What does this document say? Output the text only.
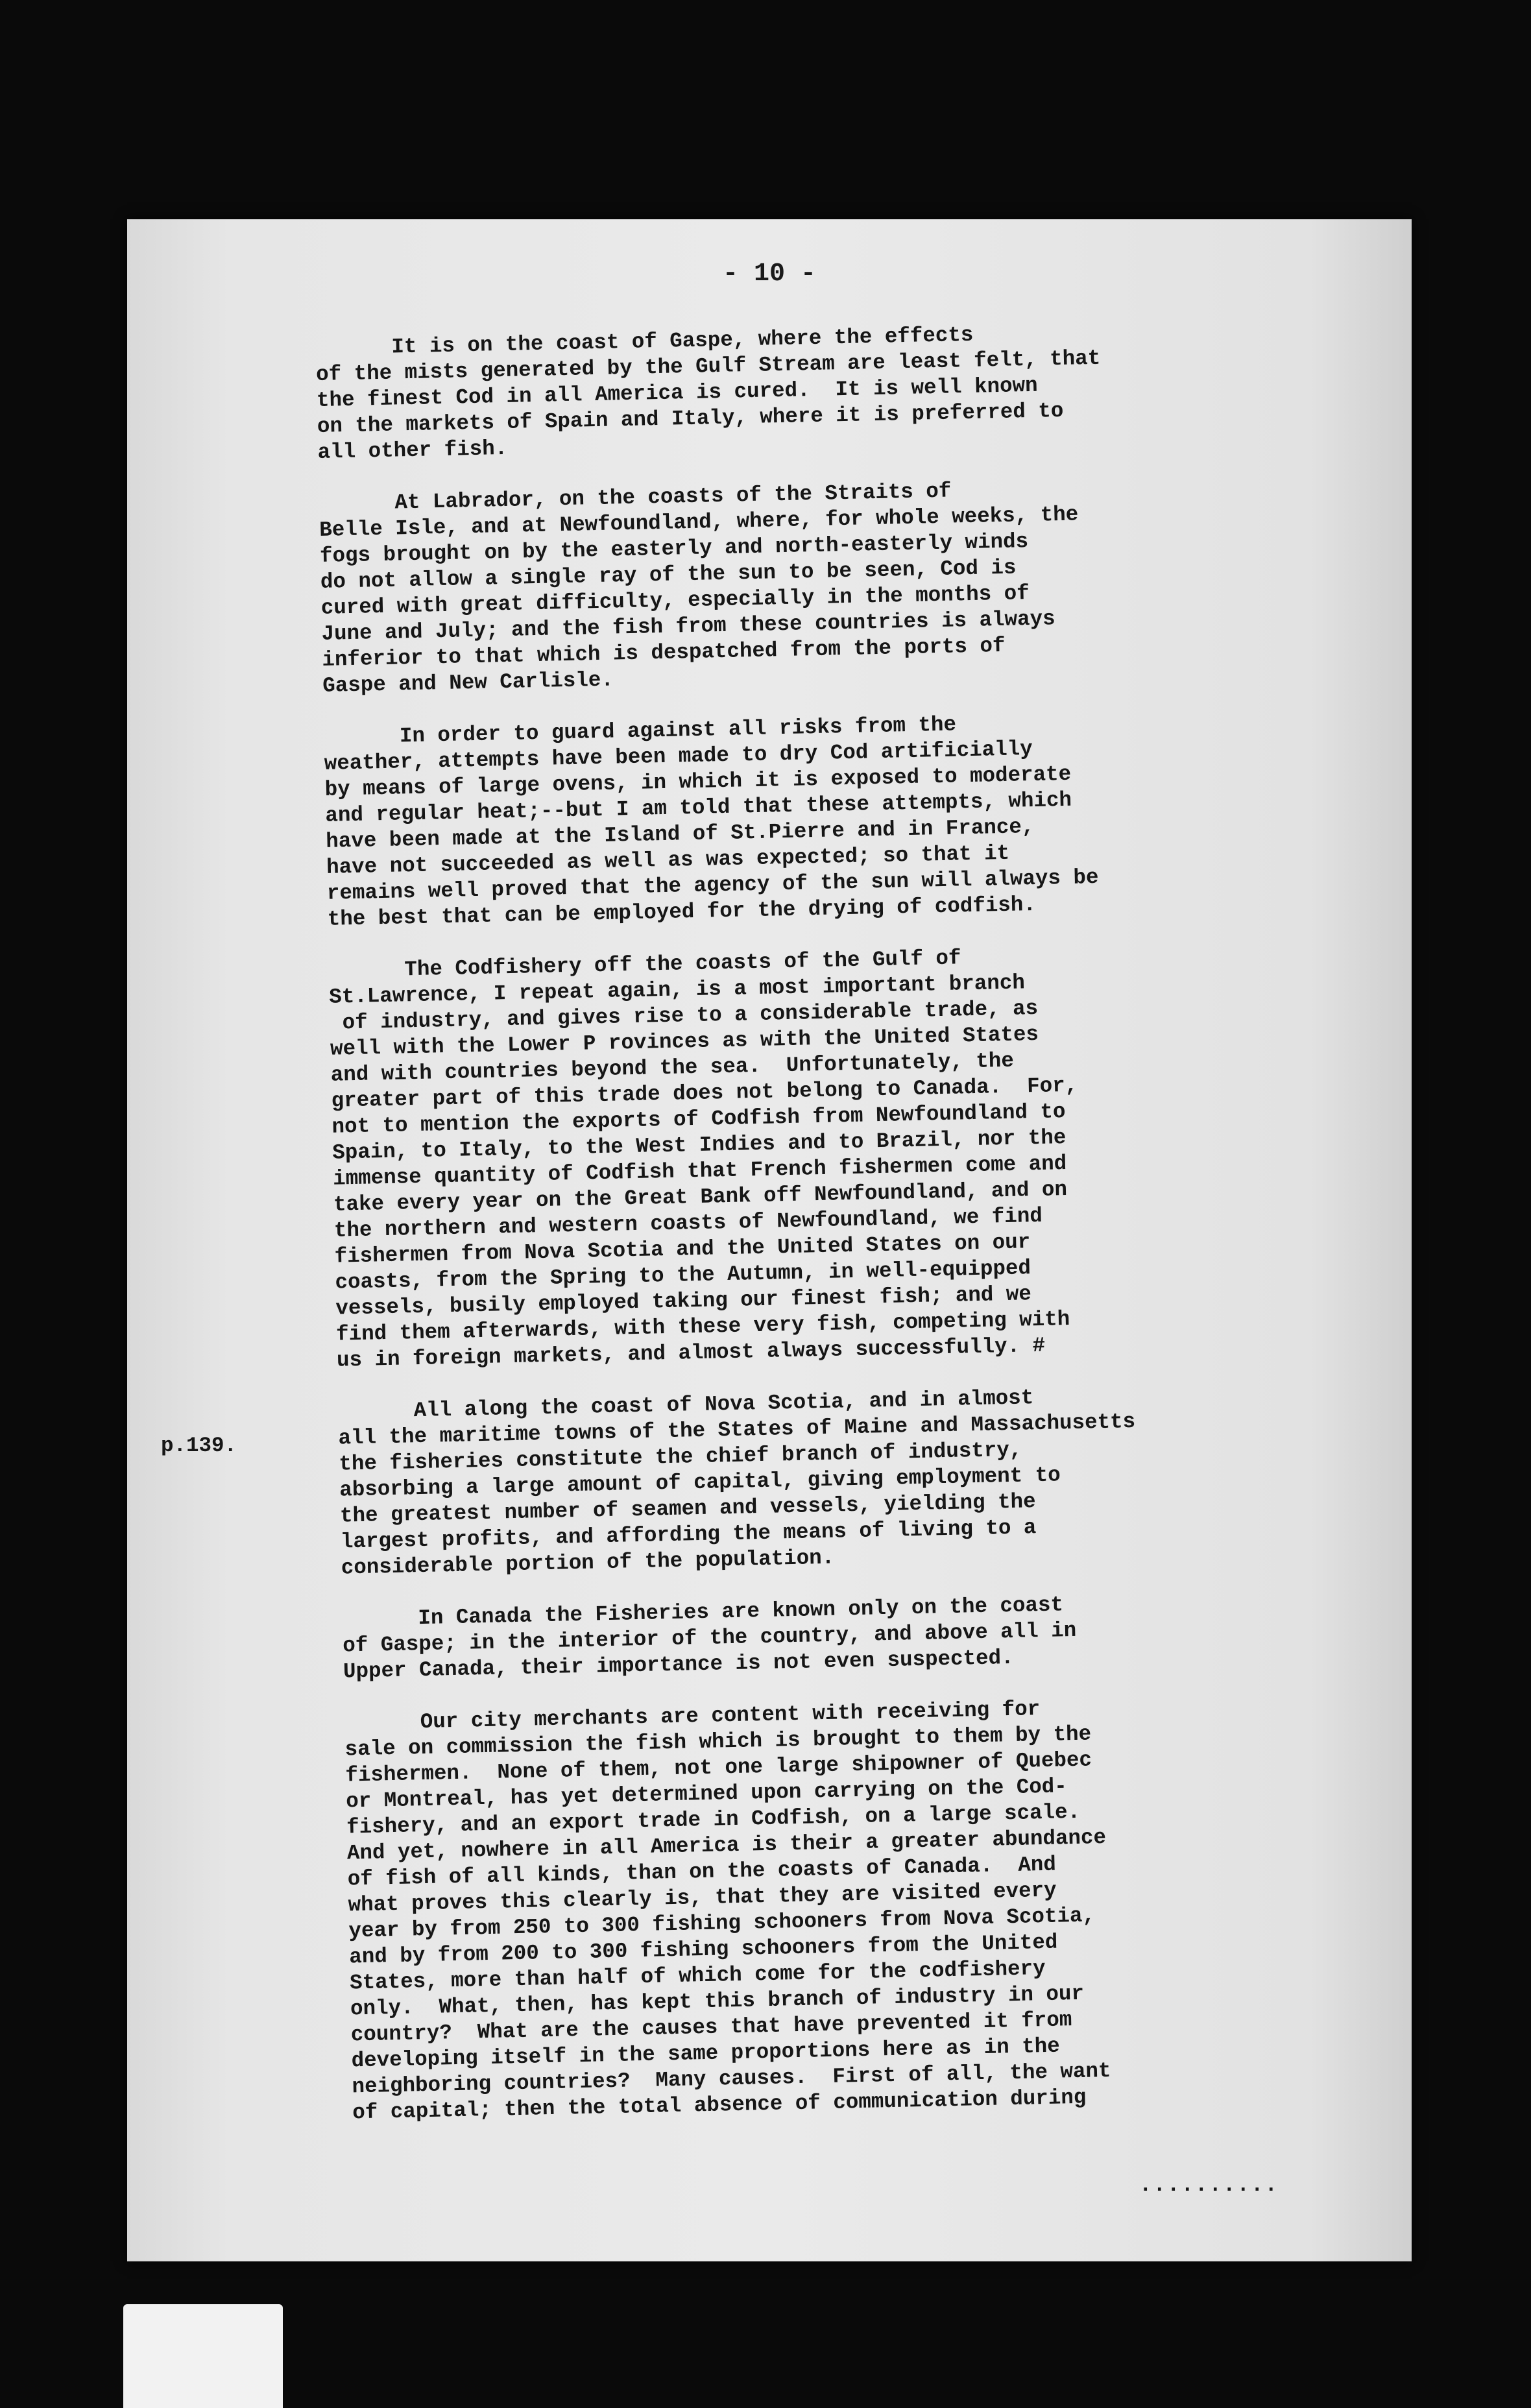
- 10 -
p.139.

It is on the coast of Gaspe, where the effects
of the mists generated by the Gulf Stream are least felt, that
the finest Cod in all America is cured.  It is well known
on the markets of Spain and Italy, where it is preferred to
all other fish.

At Labrador, on the coasts of the Straits of
Belle Isle, and at Newfoundland, where, for whole weeks, the
fogs brought on by the easterly and north-easterly winds
do not allow a single ray of the sun to be seen, Cod is
cured with great difficulty, especially in the months of
June and July; and the fish from these countries is always
inferior to that which is despatched from the ports of
Gaspe and New Carlisle.

In order to guard against all risks from the
weather, attempts have been made to dry Cod artificially
by means of large ovens, in which it is exposed to moderate
and regular heat;--but I am told that these attempts, which
have been made at the Island of St.Pierre and in France,
have not succeeded as well as was expected; so that it
remains well proved that the agency of the sun will always be
the best that can be employed for the drying of codfish.

The Codfishery off the coasts of the Gulf of
St.Lawrence, I repeat again, is a most important branch
of industry, and gives rise to a considerable trade, as
well with the Lower P rovinces as with the United States
and with countries beyond the sea.  Unfortunately, the
greater part of this trade does not belong to Canada.  For,
not to mention the exports of Codfish from Newfoundland to
Spain, to Italy, to the West Indies and to Brazil, nor the
immense quantity of Codfish that French fishermen come and
take every year on the Great Bank off Newfoundland, and on
the northern and western coasts of Newfoundland, we find
fishermen from Nova Scotia and the United States on our
coasts, from the Spring to the Autumn, in well-equipped
vessels, busily employed taking our finest fish; and we
find them afterwards, with these very fish, competing with
us in foreign markets, and almost always successfully. #

All along the coast of Nova Scotia, and in almost
all the maritime towns of the States of Maine and Massachusetts
the fisheries constitute the chief branch of industry,
absorbing a large amount of capital, giving employment to
the greatest number of seamen and vessels, yielding the
largest profits, and affording the means of living to a
considerable portion of the population.

In Canada the Fisheries are known only on the coast
of Gaspe; in the interior of the country, and above all in
Upper Canada, their importance is not even suspected.

Our city merchants are content with receiving for
sale on commission the fish which is brought to them by the
fishermen.  None of them, not one large shipowner of Quebec
or Montreal, has yet determined upon carrying on the Cod-
fishery, and an export trade in Codfish, on a large scale.
And yet, nowhere in all America is their a greater abundance
of fish of all kinds, than on the coasts of Canada.  And
what proves this clearly is, that they are visited every
year by from 250 to 300 fishing schooners from Nova Scotia,
and by from 200 to 300 fishing schooners from the United
States, more than half of which come for the codfishery
only.  What, then, has kept this branch of industry in our
country?  What are the causes that have prevented it from
developing itself in the same proportions here as in the
neighboring countries?  Many causes.  First of all, the want
of capital; then the total absence of communication during

..........
